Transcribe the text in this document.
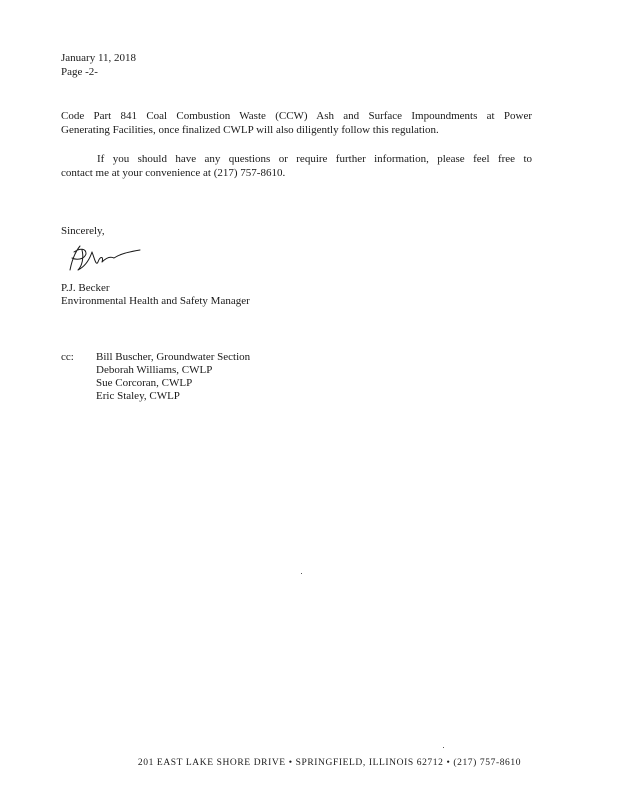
January 11, 2018
Page -2-
Code Part 841 Coal Combustion Waste (CCW) Ash and Surface Impoundments at Power
Generating Facilities, once finalized CWLP will also diligently follow this regulation.
If you should have any questions or require further information, please feel free to
contact me at your convenience at (217) 757-8610.
Sincerely,
P.J. Becker
Environmental Health and Safety Manager
cc: Bill Buscher, Groundwater Section
Deborah Williams, CWLP
Sue Corcoran, CWLP
Eric Staley, CWLP
201 EAST LAKE SHORE DRIVE • SPRINGFIELD, ILLINOIS 62712 • (217) 757-8610
